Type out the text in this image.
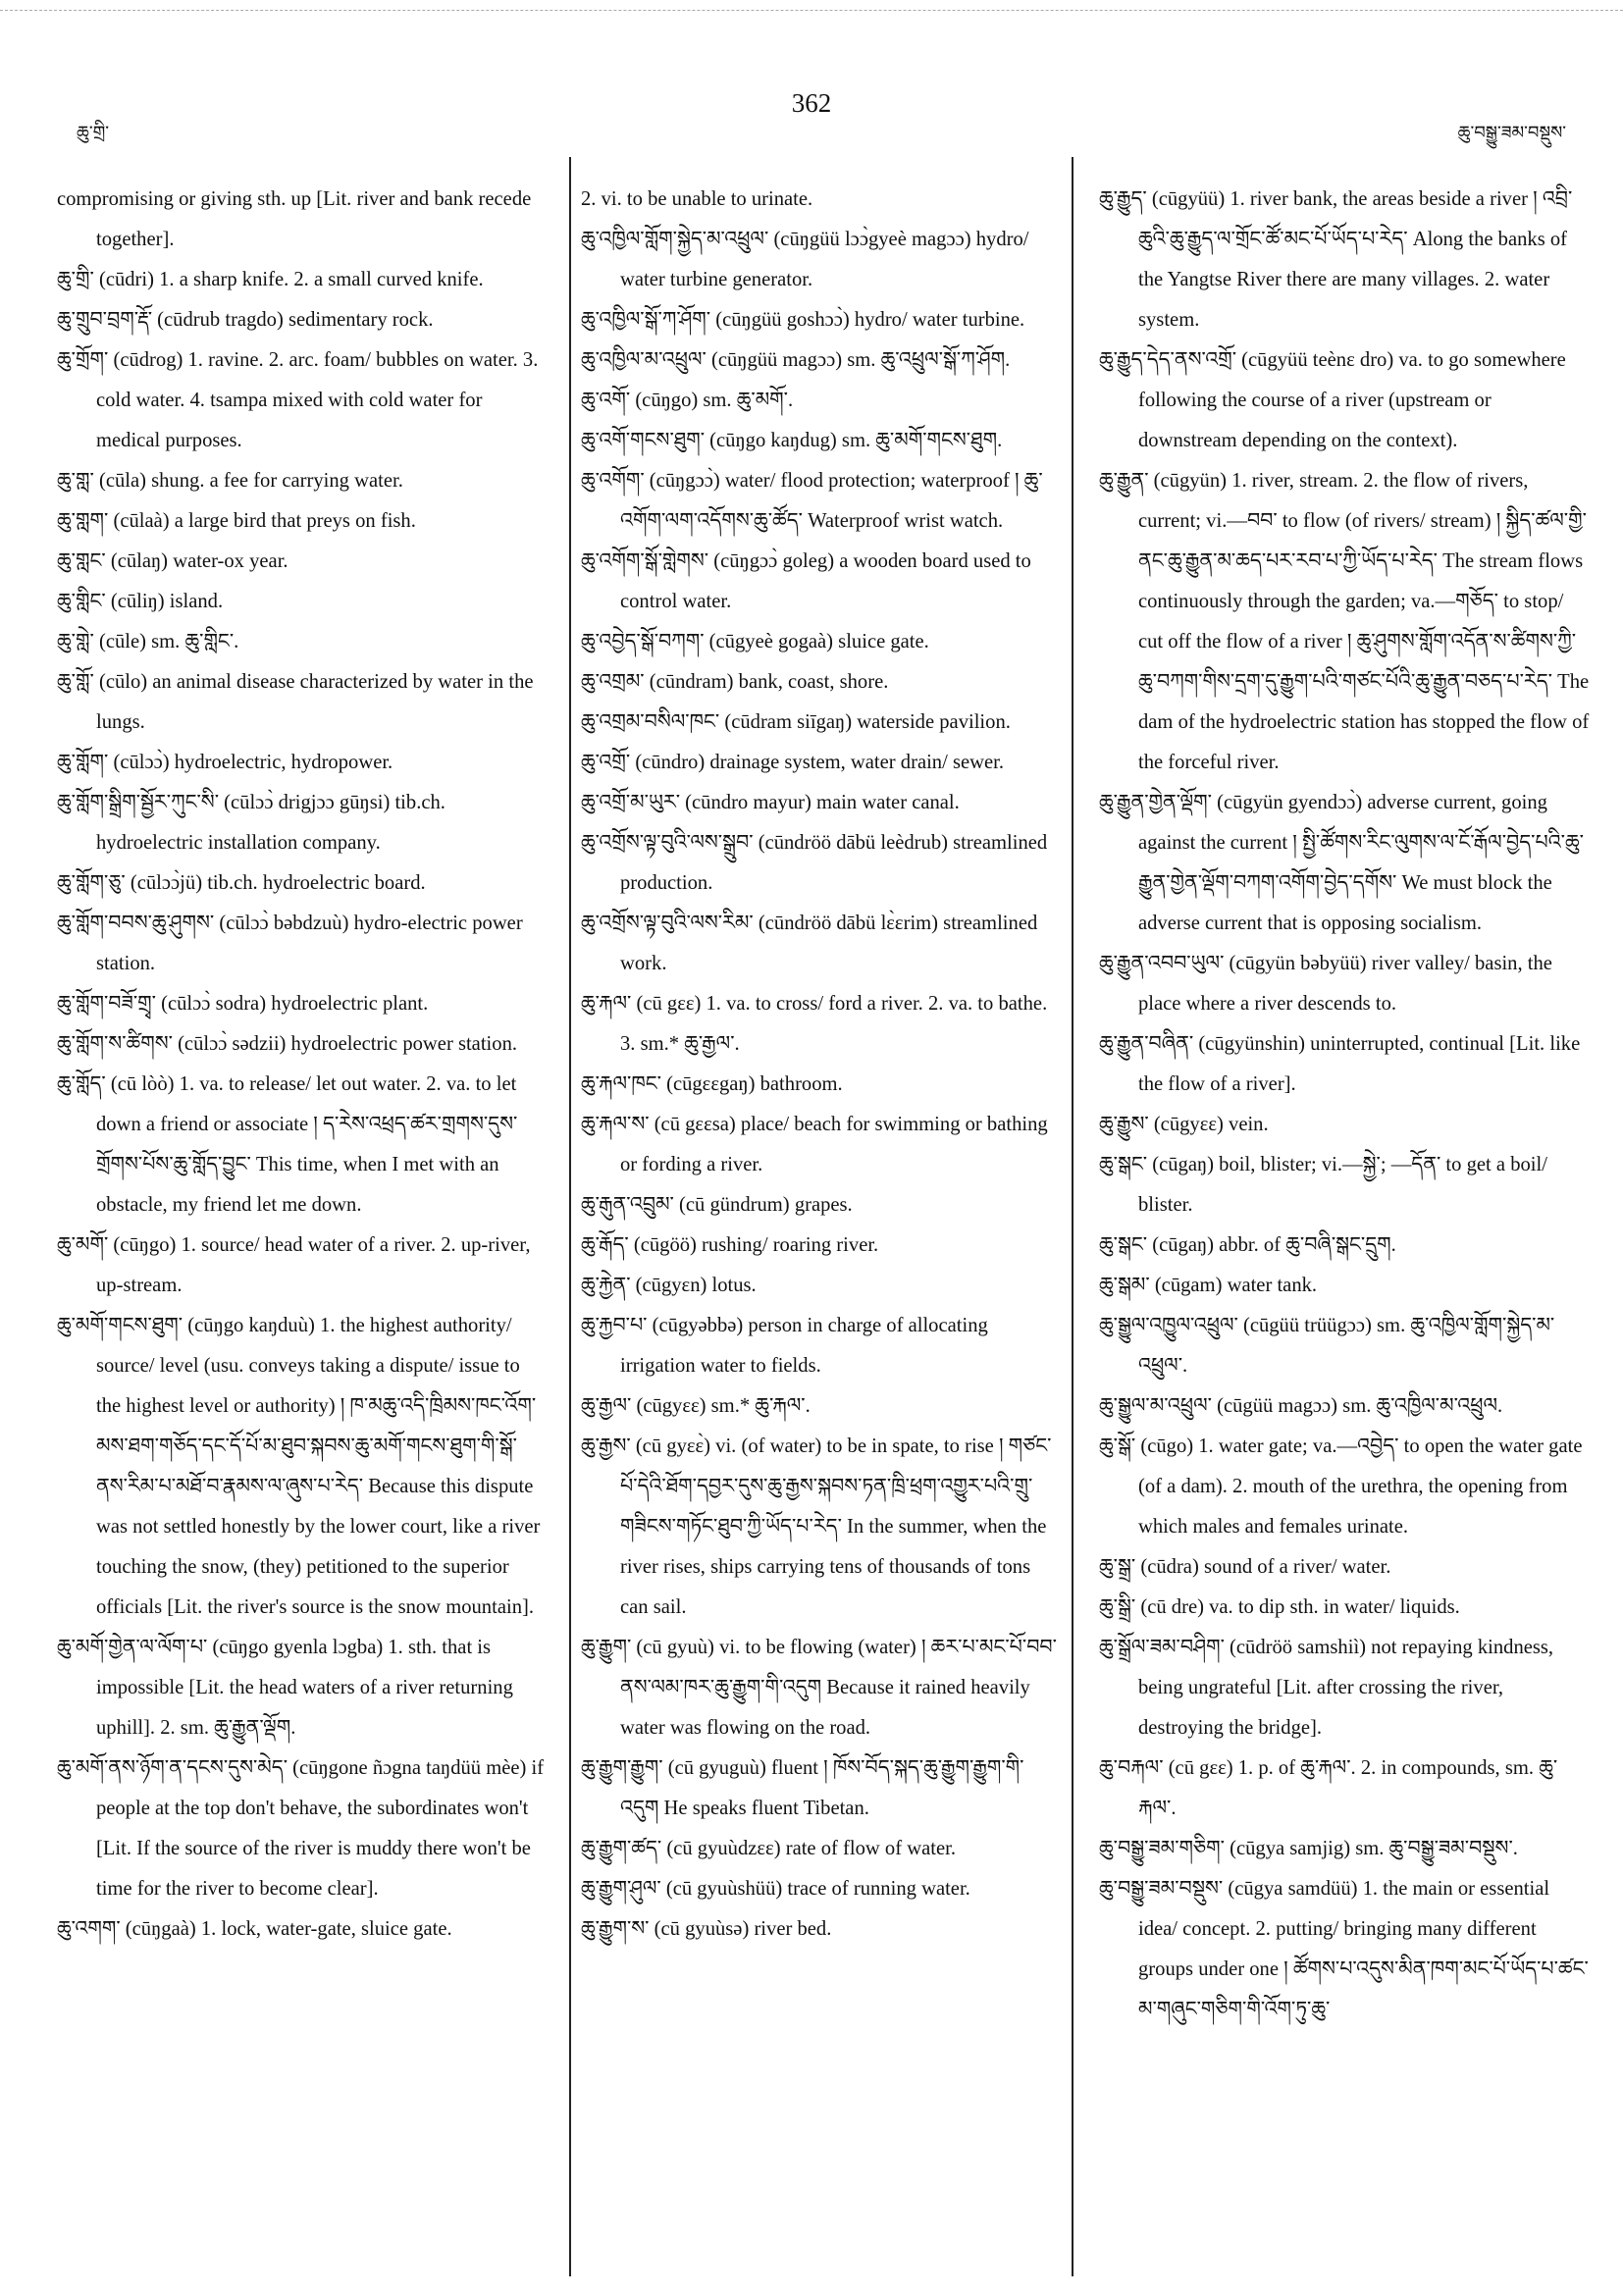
ཆུ་གྲི་
362
ཆུ་བསྒྱུ་ཟམ་བསྡུས་
compromising or giving sth. up [Lit. river and bank recede together].
ཆུ་གྲི་ (cūdri) 1. a sharp knife. 2. a small curved knife.
ཆུ་གྲུབ་བྲག་རྡོ་ (cūdrub tragdo) sedimentary rock.
ཆུ་གྲོག་ (cūdrog) 1. ravine. 2. arc. foam/ bubbles on water. 3. cold water. 4. tsampa mixed with cold water for medical purposes.
ཆུ་གླ་ (cūla) shung. a fee for carrying water.
ཆུ་གླག་ (cūlaà) a large bird that preys on fish.
ཆུ་གླང་ (cūlaŋ) water-ox year.
ཆུ་གླིང་ (cūliŋ) island.
ཆུ་གླེ་ (cūle) sm. ཆུ་གླིང་.
ཆུ་གློ་ (cūlo) an animal disease characterized by water in the lungs.
ཆུ་གློག་ (cūlɔɔ̀) hydroelectric, hydropower.
ཆུ་གློག་སྒྲིག་སྦྱོར་ཀུང་སི་ (cūlɔɔ̀ drigjɔɔ gūŋsi) tib.ch. hydroelectric installation company.
ཆུ་གློག་ཅུ་ (cūlɔɔ̀jü) tib.ch. hydroelectric board.
ཆུ་གློག་བབས་ཆུ་ཤུགས་ (cūlɔɔ̀ bəbdzuù) hydro-electric power station.
ཆུ་གློག་བཟོ་གྲྭ་ (cūlɔɔ̀ sodra) hydroelectric plant.
ཆུ་གློག་ས་ཚིགས་ (cūlɔɔ̀ sədzii) hydroelectric power station.
ཆུ་གློད་ (cū lòò) 1. va. to release/ let out water. 2. va. to let down a friend or associate ། ད་རེས་འཕྲད་ཚར་གྲགས་དུས་གྲོགས་པོས་ཆུ་གློད་བྱུང་ This time, when I met with an obstacle, my friend let me down.
ཆུ་མགོ་ (cūŋgo) 1. source/ head water of a river. 2. up-river, up-stream.
ཆུ་མགོ་གངས་ཐུག་ (cūŋgo kaŋduù) 1. the highest authority/ source/ level (usu. conveys taking a dispute/ issue to the highest level or authority) ། ཁ་མཆུ་འདི་ཁྲིམས་ཁང་འོག་མས་ཐག་གཅོད་དང་དོ་པོ་མ་ཐུབ་སྐབས་ཆུ་མགོ་གངས་ཐུག་གི་སྒོ་ནས་རིམ་པ་མཐོ་བ་རྣམས་ལ་ཞུས་པ་རེད་ Because this dispute was not settled honestly by the lower court, like a river touching the snow, (they) petitioned to the superior officials [Lit. the river's source is the snow mountain].
ཆུ་མགོ་གྱེན་ལ་ལོག་པ་ (cūŋgo gyenla lɔgba) 1. sth. that is impossible [Lit. the head waters of a river returning uphill]. 2. sm. ཆུ་རྒྱུན་ལྡོག.
ཆུ་མགོ་ནས་ཉོག་ན་དངས་དུས་མེད་ (cūŋgone ñɔgna taŋdüü mèe) if people at the top don't behave, the subordinates won't [Lit. If the source of the river is muddy there won't be time for the river to become clear].
ཆུ་འགག་ (cūŋgaà) 1. lock, water-gate, sluice gate.
2. vi. to be unable to urinate.
ཆུ་འཁྱིལ་གློག་སྐྱེད་མ་འཕྲུལ་ (cūŋgüü lɔɔ̀gyeè magɔɔ) hydro/ water turbine generator.
ཆུ་འཁྱིལ་སྒོ་ཀ་ཤོག་ (cūŋgüü goshɔɔ̀) hydro/ water turbine.
ཆུ་འཁྱིལ་མ་འཕྲུལ་ (cūŋgüü magɔɔ) sm. ཆུ་འཕྲུལ་སྒོ་ཀ་ཤོག.
ཆུ་འགོ་ (cūŋgo) sm. ཆུ་མགོ་.
ཆུ་འགོ་གངས་ཐུག་ (cūŋgo kaŋdug) sm. ཆུ་མགོ་གངས་ཐུག.
ཆུ་འགོག་ (cūŋgɔɔ̀) water/ flood protection; waterproof ། ཆུ་འགོག་ལག་འདོགས་ཆུ་ཚོད་ Waterproof wrist watch.
ཆུ་འགོག་སྒོ་གླེགས་ (cūŋgɔɔ̀ goleg) a wooden board used to control water.
ཆུ་འབྱེད་སྒོ་བཀག་ (cūgyeè gogaà) sluice gate.
ཆུ་འགྲམ་ (cūndram) bank, coast, shore.
ཆུ་འགྲམ་བསིལ་ཁང་ (cūdram siīgaŋ) waterside pavilion.
ཆུ་འགྲོ་ (cūndro) drainage system, water drain/ sewer.
ཆུ་འགྲོ་མ་ཡུར་ (cūndro mayur) main water canal.
ཆུ་འགྲོས་ལྟ་བུའི་ལས་སྒྲུབ་ (cūndröö dābü leèdrub) streamlined production.
ཆུ་འགྲོས་ལྟ་བུའི་ལས་རིམ་ (cūndröö dābü lɛ̀ɛrim) streamlined work.
ཆུ་རྐལ་ (cū gɛɛ) 1. va. to cross/ ford a river. 2. va. to bathe. 3. sm.* ཆུ་རྒྱལ་.
ཆུ་རྐལ་ཁང་ (cūgɛɛgaŋ) bathroom.
ཆུ་རྐལ་ས་ (cū gɛɛsa) place/ beach for swimming or bathing or fording a river.
ཆུ་རྒུན་འབྲུམ་ (cū gündrum) grapes.
ཆུ་རྒོད་ (cūgöö) rushing/ roaring river.
ཆུ་རྐྱེན་ (cūgyɛn) lotus.
ཆུ་རྐྱབ་པ་ (cūgyəbbə) person in charge of allocating irrigation water to fields.
ཆུ་རྒྱལ་ (cūgyɛɛ) sm.* ཆུ་རྐལ་.
ཆུ་རྒྱས་ (cū gyɛɛ̀) vi. (of water) to be in spate, to rise ། གཙང་པོ་དེའི་ཐོག་དབྱར་དུས་ཆུ་རྒྱས་སྐབས་ཏན་ཁྲི་ཕྲག་འགྱུར་པའི་གྲུ་གཟིངས་གཏོང་ཐུབ་ཀྱི་ཡོད་པ་རེད་ In the summer, when the river rises, ships carrying tens of thousands of tons can sail.
ཆུ་རྒྱུག་ (cū gyuù) vi. to be flowing (water) ། ཆར་པ་མང་པོ་བབ་ནས་ལམ་ཁར་ཆུ་རྒྱུག་གི་འདུག Because it rained heavily water was flowing on the road.
ཆུ་རྒྱུག་རྒྱུག་ (cū gyuguù) fluent ། ཁོས་བོད་སྐད་ཆུ་རྒྱུག་རྒྱུག་གི་འདུག He speaks fluent Tibetan.
ཆུ་རྒྱུག་ཚད་ (cū gyuùdzɛɛ) rate of flow of water.
ཆུ་རྒྱུག་ཤུལ་ (cū gyuùshüü) trace of running water.
ཆུ་རྒྱུག་ས་ (cū gyuùsə) river bed.
ཆུ་རྒྱུད་ (cūgyüü) 1. river bank, the areas beside a river ། འབྲི་ཆུའི་ཆུ་རྒྱུད་ལ་གྲོང་ཚོ་མང་པོ་ཡོད་པ་རེད་ Along the banks of the Yangtse River there are many villages. 2. water system.
ཆུ་རྒྱུད་དེད་ནས་འགྲོ་ (cūgyüü teènɛ dro) va. to go somewhere following the course of a river (upstream or downstream depending on the context).
ཆུ་རྒྱུན་ (cūgyün) 1. river, stream. 2. the flow of rivers, current; vi.—བབ་ to flow (of rivers/ stream) ། སྐྱིད་ཚལ་གྱི་ནང་ཆུ་རྒྱུན་མ་ཆད་པར་རབ་པ་ཀྱི་ཡོད་པ་རེད་ The stream flows continuously through the garden; va.—གཅོད་ to stop/ cut off the flow of a river ། ཆུ་ཤུགས་གློག་འདོན་ས་ཚིགས་ཀྱི་ཆུ་བཀག་གིས་དྲག་དུ་རྒྱུག་པའི་གཙང་པོའི་ཆུ་རྒྱུན་བཅད་པ་རེད་ The dam of the hydroelectric station has stopped the flow of the forceful river.
ཆུ་རྒྱུན་གྱེན་ལྡོག་ (cūgyün gyendɔɔ̀) adverse current, going against the current ། སྤྱི་ཚོགས་རིང་ལུགས་ལ་ངོ་རྒོལ་བྱེད་པའི་ཆུ་རྒྱུན་གྱེན་ལྡོག་བཀག་འགོག་བྱེད་དགོས་ We must block the adverse current that is opposing socialism.
ཆུ་རྒྱུན་འབབ་ཡུལ་ (cūgyün bəbyüü) river valley/ basin, the place where a river descends to.
ཆུ་རྒྱུན་བཞིན་ (cūgyünshin) uninterrupted, continual [Lit. like the flow of a river].
ཆུ་རྒྱུས་ (cūgyɛɛ) vein.
ཆུ་སྒང་ (cūgaŋ) boil, blister; vi.—སྐྱེ་; —དོན་ to get a boil/ blister.
ཆུ་སྒང་ (cūgaŋ) abbr. of ཆུ་བཞི་སྒང་དྲུག.
ཆུ་སྒམ་ (cūgam) water tank.
ཆུ་སྒྱུལ་འཁྱུལ་འཕྲུལ་ (cūgüü trüügɔɔ) sm. ཆུ་འཁྱིལ་གློག་སྐྱེད་མ་འཕྲུལ་.
ཆུ་སྒྱུལ་མ་འཕྲུལ་ (cūgüü magɔɔ) sm. ཆུ་འཁྱིལ་མ་འཕྲུལ.
ཆུ་སྒོ་ (cūgo) 1. water gate; va.—འབྱེད་ to open the water gate (of a dam). 2. mouth of the urethra, the opening from which males and females urinate.
ཆུ་སྒྲ་ (cūdra) sound of a river/ water.
ཆུ་སྒྲི་ (cū dre) va. to dip sth. in water/ liquids.
ཆུ་སྒྲོལ་ཟམ་བཤིག་ (cūdröö samshiì) not repaying kindness, being ungrateful [Lit. after crossing the river, destroying the bridge].
ཆུ་བརྐལ་ (cū gɛɛ) 1. p. of ཆུ་རྐལ་. 2. in compounds, sm. ཆུ་རྐལ་.
ཆུ་བསྒྱུ་ཟམ་གཅིག་ (cūgya samjig) sm. ཆུ་བསྒྱུ་ཟམ་བསྡུས་.
ཆུ་བསྒྱུ་ཟམ་བསྡུས་ (cūgya samdüü) 1. the main or essential idea/ concept. 2. putting/ bringing many different groups under one ། ཚོགས་པ་འདུས་མིན་ཁག་མང་པོ་ཡོད་པ་ཚང་མ་གཞུང་གཅིག་གི་འོག་ཏུ་ཆུ་
